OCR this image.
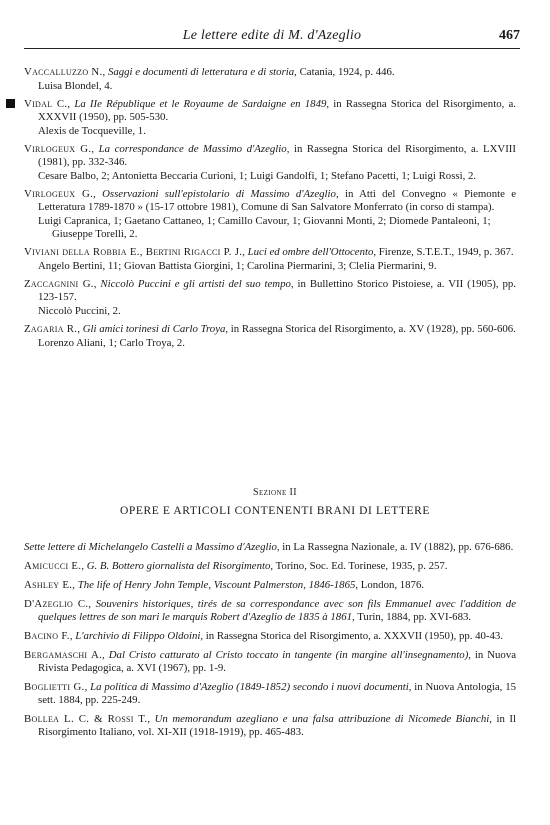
Le lettere edite di M. d'Azeglio	467
Vaccalluzzo N., Saggi e documenti di letteratura e di storia, Catania, 1924, p. 446.
Luisa Blondel, 4.
Vidal C., La IIe République et le Royaume de Sardaigne en 1849, in Rassegna Storica del Risorgimento, a. XXXVII (1950), pp. 505-530.
Alexis de Tocqueville, 1.
Virlogeux G., La correspondance de Massimo d'Azeglio, in Rassegna Storica del Risorgimento, a. LXVIII (1981), pp. 332-346.
Cesare Balbo, 2; Antonietta Beccaria Curioni, 1; Luigi Gandolfi, 1; Stefano Pacetti, 1; Luigi Rossi, 2.
Virlogeux G., Osservazioni sull'epistolario di Massimo d'Azeglio, in Atti del Convegno « Piemonte e Letteratura 1789-1870 » (15-17 ottobre 1981), Comune di San Salvatore Monferrato (in corso di stampa).
Luigi Capranica, 1; Gaetano Cattaneo, 1; Camillo Cavour, 1; Giovanni Monti, 2; Diomede Pantaleoni, 1; Giuseppe Torelli, 2.
Viviani della Robbia E., Bertini Rigacci P. J., Luci ed ombre dell'Ottocento, Firenze, S.T.E.T., 1949, p. 367.
Angelo Bertini, 11; Giovan Battista Giorgini, 1; Carolina Piermarini, 3; Clelia Piermarini, 9.
Zaccagnini G., Niccolò Puccini e gli artisti del suo tempo, in Bullettino Storico Pistoiese, a. VII (1905), pp. 123-157.
Niccolò Puccini, 2.
Zagaria R., Gli amici torinesi di Carlo Troya, in Rassegna Storica del Risorgimento, a. XV (1928), pp. 560-606.
Lorenzo Aliani, 1; Carlo Troya, 2.
Sezione II
OPERE E ARTICOLI CONTENENTI BRANI DI LETTERE
Sette lettere di Michelangelo Castelli a Massimo d'Azeglio, in La Rassegna Nazionale, a. IV (1882), pp. 676-686.
Amicucci E., G. B. Bottero giornalista del Risorgimento, Torino, Soc. Ed. Torinese, 1935, p. 257.
Ashley E., The life of Henry John Temple, Viscount Palmerston, 1846-1865, London, 1876.
D'Azeglio C., Souvenirs historiques, tirés de sa correspondance avec son fils Emmanuel avec l'addition de quelques lettres de son mari le marquis Robert d'Azeglio de 1835 à 1861, Turin, 1884, pp. XVI-683.
Bacino F., L'archivio di Filippo Oldoini, in Rassegna Storica del Risorgimento, a. XXXVII (1950), pp. 40-43.
Bergamaschi A., Dal Cristo catturato al Cristo toccato in tangente (in margine all'insegnamento), in Nuova Rivista Pedagogica, a. XVI (1967), pp. 1-9.
Boglietti G., La politica di Massimo d'Azeglio (1849-1852) secondo i nuovi documenti, in Nuova Antologia, 15 sett. 1884, pp. 225-249.
Bollea L. C. & Rossi T., Un memorandum azegliano e una falsa attribuzione di Nicomede Bianchi, in Il Risorgimento Italiano, vol. XI-XII (1918-1919), pp. 465-483.
